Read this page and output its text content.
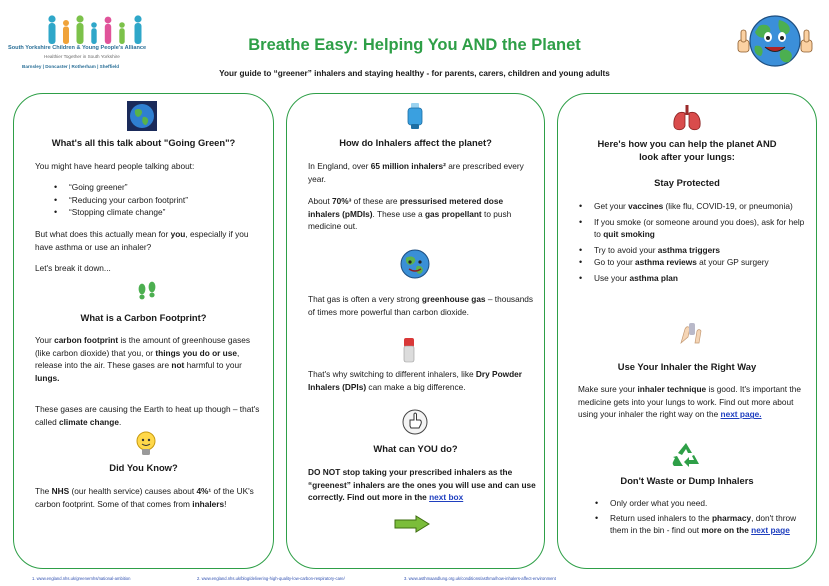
South Yorkshire Children & Young People's Alliance
Healthier Together in South Yorkshire
Barnsley | Doncaster | Rotherham | Sheffield
Breathe Easy: Helping You AND the Planet
Your guide to “greener” inhalers and staying healthy - for parents, carers, children and young adults
What's all this talk about "Going Green"?
You might have heard people talking about:
• “Going greener”
• “Reducing your carbon footprint”
• “Stopping climate change”
But what does this actually mean for you, especially if you have asthma or use an inhaler?
Let's break it down...
What is a Carbon Footprint?
Your carbon footprint is the amount of greenhouse gases (like carbon dioxide) that you, or things you do or use, release into the air. These gases are not harmful to your lungs.
These gases are causing the Earth to heat up though – that's called climate change.
Did You Know?
The NHS (our health service) causes about 4%¹ of the UK's carbon footprint. Some of that comes from inhalers!
How do Inhalers affect the planet?
In England, over 65 million inhalers² are prescribed every year.
About 70%³ of these are pressurised metered dose inhalers (pMDIs). These use a gas propellant to push medicine out.
That gas is often a very strong greenhouse gas – thousands of times more powerful than carbon dioxide.
That's why switching to different inhalers, like Dry Powder Inhalers (DPIs) can make a big difference.
What can YOU do?
DO NOT stop taking your prescribed inhalers as the “greenest” inhalers are the ones you will use and can use correctly. Find out more in the next box
Here's how you can help the planet AND look after your lungs:
Stay Protected
• Get your vaccines (like flu, COVID-19, or pneumonia)
• If you smoke (or someone around you does), ask for help to quit smoking
• Try to avoid your asthma triggers
• Go to your asthma reviews at your GP surgery
• Use your asthma plan
Use Your Inhaler the Right Way
Make sure your inhaler technique is good. It's important the medicine gets into your lungs to work. Find out more about using your inhaler the right way on the next page.
Don't Waste or Dump Inhalers
• Only order what you need.
• Return used inhalers to the pharmacy, don't throw them in the bin - find out more on the next page
1. www.england.nhs.uk/greenernhs/national-ambition	2. www.england.nhs.uk/blog/delivering-high-quality-low-carbon-respiratory-care/	3. www.asthmaandlung.org.uk/conditions/asthma/how-inhalers-affect-environment
